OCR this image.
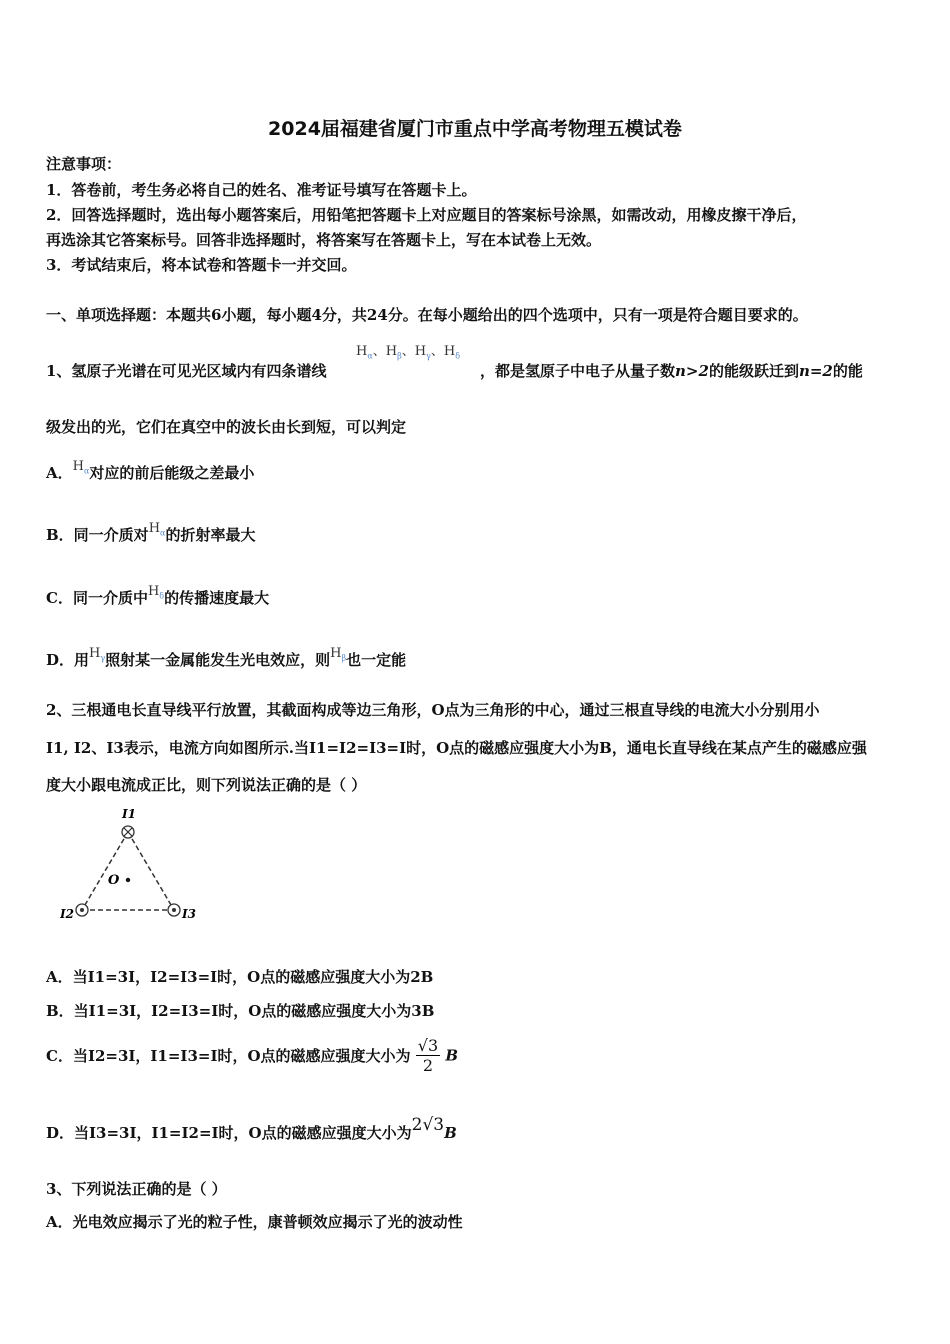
2024届福建省厦门市重点中学高考物理五模试卷
注意事项：
1．答卷前，考生务必将自己的姓名、准考证号填写在答题卡上。
2．回答选择题时，选出每小题答案后，用铅笔把答题卡上对应题目的答案标号涂黑，如需改动，用橡皮擦干净后，
再选涂其它答案标号。回答非选择题时，将答案写在答题卡上，写在本试卷上无效。
3．考试结束后，将本试卷和答题卡一并交回。
一、单项选择题：本题共6小题，每小题4分，共24分。在每小题给出的四个选项中，只有一项是符合题目要求的。
1、氢原子光谱在可见光区域内有四条谱线
$H_\alpha$、$H_\beta$、$H_\gamma$、$H_\delta$
，都是氢原子中电子从量子数n>2的能级跃迁到n=2的能
级发出的光，它们在真空中的波长由长到短，可以判定
A．$H_\alpha$对应的前后能级之差最小
B．同一介质对$H_\alpha$的折射率最大
C．同一介质中$H_\delta$的传播速度最大
D．用$H_\gamma$照射某一金属能发生光电效应，则$H_\beta$也一定能
2、三根通电长直导线平行放置，其截面构成等边三角形，O点为三角形的中心，通过三根直导线的电流大小分别用小
I1, I2、I3表示，电流方向如图所示.当I1=I2=I3=I时，O点的磁感应强度大小为B，通电长直导线在某点产生的磁感应强
度大小跟电流成正比，则下列说法正确的是（ ）
I1
I2	I3
O
A．当I1=3I，I2=I3=I时，O点的磁感应强度大小为2B
B．当I1=3I，I2=I3=I时，O点的磁感应强度大小为3B
C．当I2=3I，I1=I3=I时，O点的磁感应强度大小为 $\frac{√3}{2}$ B
D．当I3=3I，I1=I2=I时，O点的磁感应强度大小为2√3B
3、下列说法正确的是（ ）
A．光电效应揭示了光的粒子性，康普顿效应揭示了光的波动性
